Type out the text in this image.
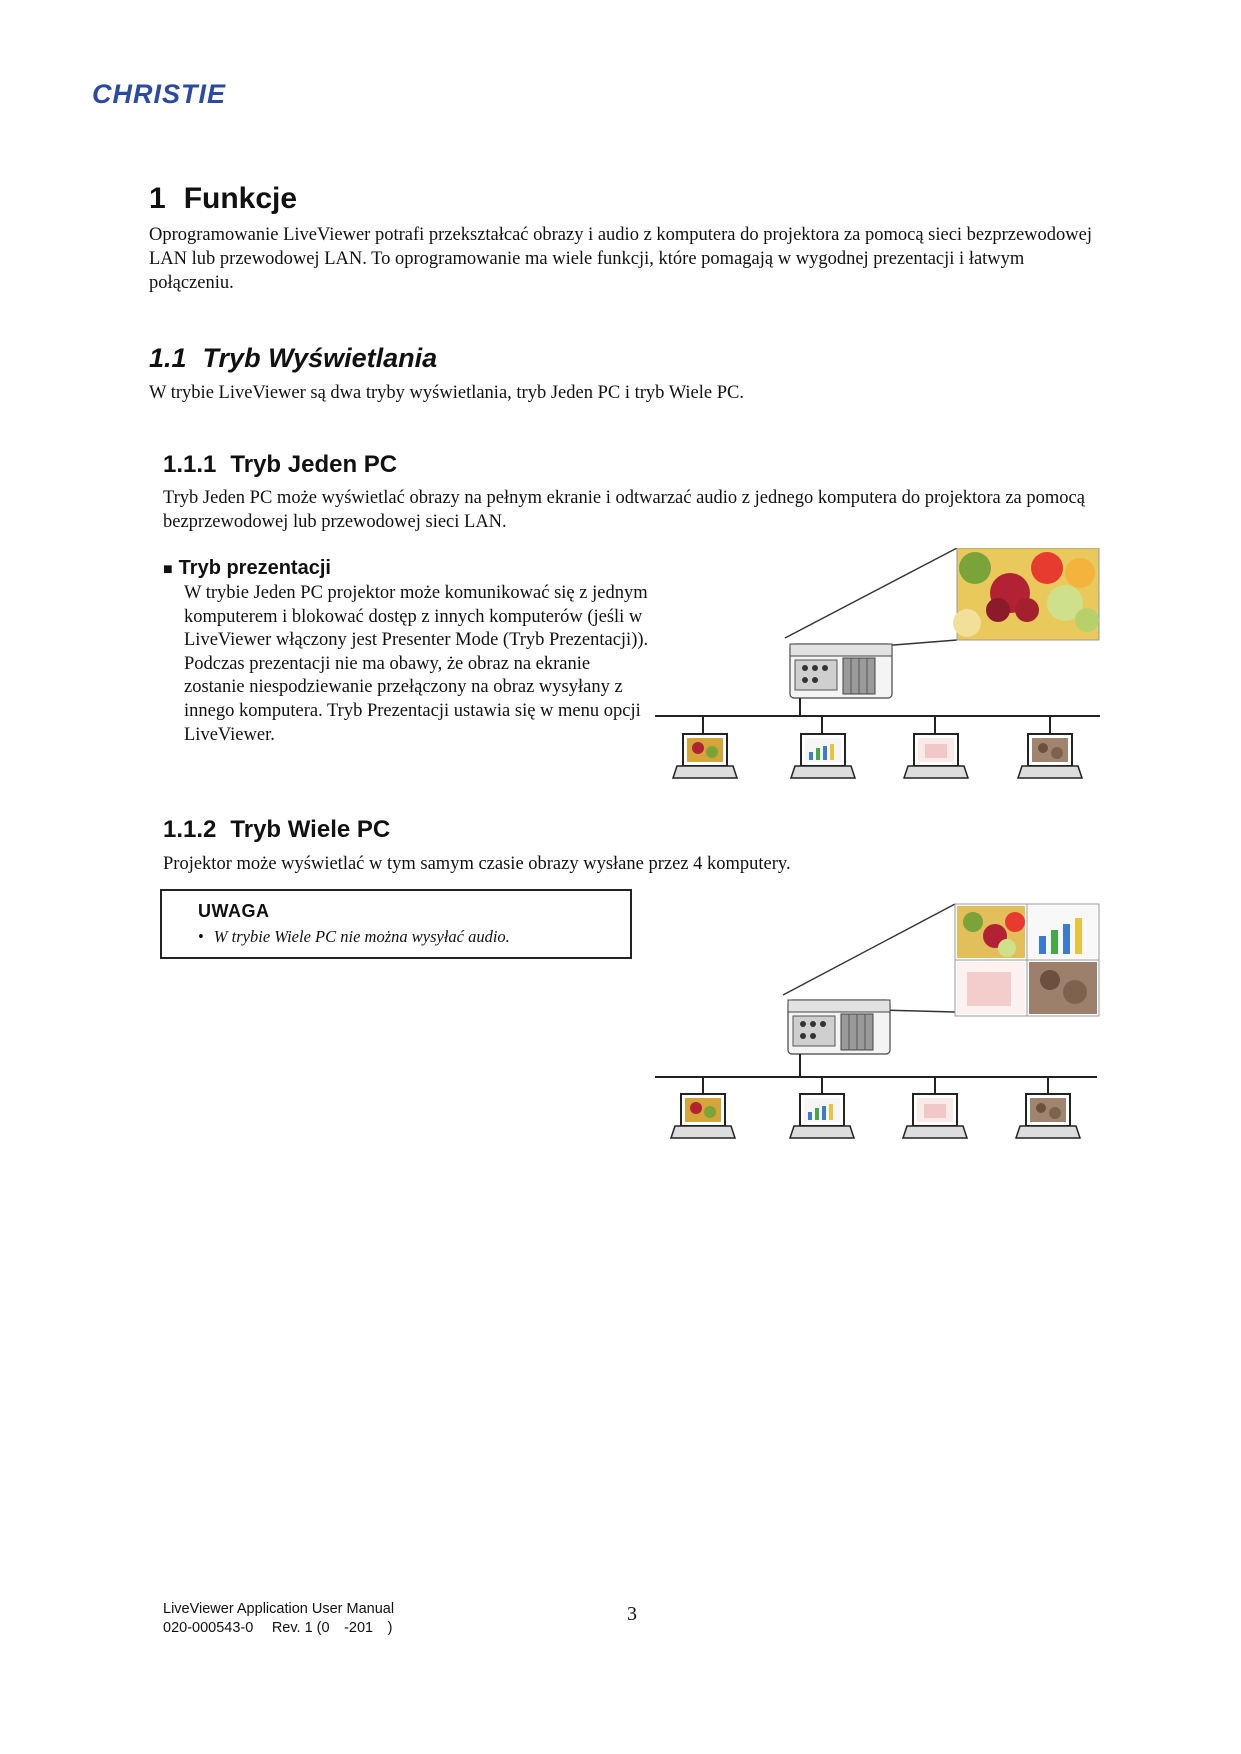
CHRISTIE
1 Funkcje

Oprogramowanie LiveViewer potrafi przekształcać obrazy i audio z komputera do projektora za pomocą sieci bezprzewodowej LAN lub przewodowej LAN. To oprogramowanie ma wiele funkcji, które pomagają w wygodnej prezentacji i łatwym połączeniu.

1.1 Tryb Wyświetlania

W trybie LiveViewer są dwa tryby wyświetlania, tryb Jeden PC i tryb Wiele PC.

1.1.1 Tryb Jeden PC

Tryb Jeden PC może wyświetlać obrazy na pełnym ekranie i odtwarzać audio z jednego komputera do projektora za pomocą bezprzewodowej lub przewodowej sieci LAN.

■ Tryb prezentacji

W trybie Jeden PC projektor może komunikować się z jednym komputerem i blokować dostęp z innych komputerów (jeśli w LiveViewer włączony jest Presenter Mode (Tryb Prezentacji)). Podczas prezentacji nie ma obawy, że obraz na ekranie zostanie niespodziewanie przełączony na obraz wysyłany z innego komputera. Tryb Prezentacji ustawia się w menu opcji LiveViewer.

1.1.2 Tryb Wiele PC

Projektor może wyświetlać w tym samym czasie obrazy wysłane przez 4 komputery.

UWAGA

• W trybie Wiele PC nie można wysyłać audio.

LiveViewer Application User Manual
020-000543-0  Rev. 1 (0 -201 )

3
